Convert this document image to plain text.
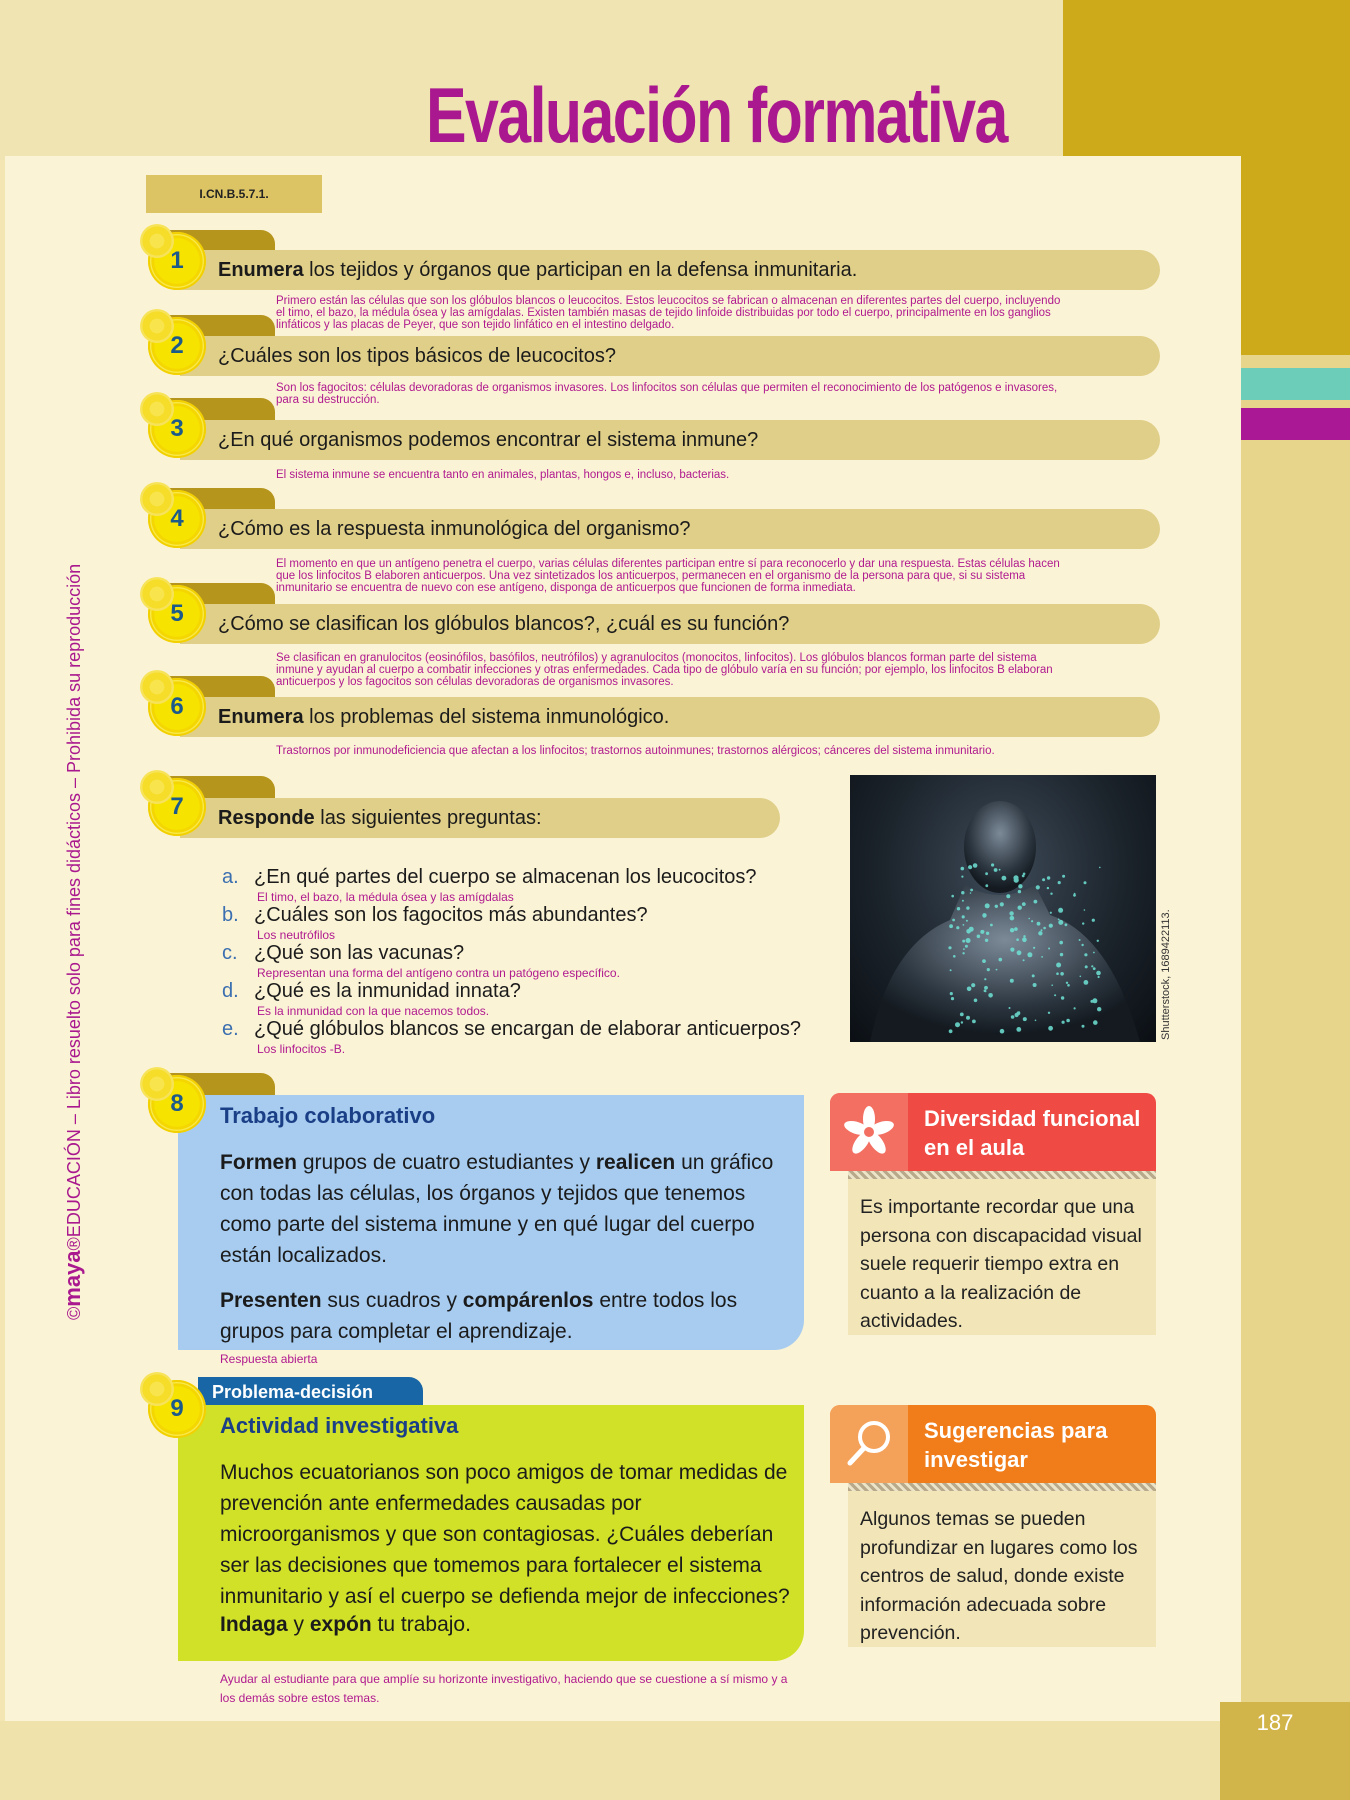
187
Evaluación formativa
I.CN.B.5.7.1.
©maya®EDUCACIÓN – Libro resuelto solo para fines didácticos – Prohibida su reproducción
1	Enumera los tejidos y órganos que participan en la defensa inmunitaria.
Primero están las células que son los glóbulos blancos o leucocitos. Estos leucocitos se fabrican o almacenan en diferentes partes del cuerpo, incluyendo el timo, el bazo, la médula ósea y las amígdalas. Existen también masas de tejido linfoide distribuidas por todo el cuerpo, principalmente en los ganglios linfáticos y las placas de Peyer, que son tejido linfático en el intestino delgado.
2	¿Cuáles son los tipos básicos de leucocitos?
Son los fagocitos: células devoradoras de organismos invasores. Los linfocitos son células que permiten el reconocimiento de los patógenos e invasores, para su destrucción.
3	¿En qué organismos podemos encontrar el sistema inmune?
El sistema inmune se encuentra tanto en animales, plantas, hongos e, incluso, bacterias.
4	¿Cómo es la respuesta inmunológica del organismo?
El momento en que un antígeno penetra el cuerpo, varias células diferentes participan entre sí para reconocerlo y dar una respuesta. Estas células hacen que los linfocitos B elaboren anticuerpos. Una vez sintetizados los anticuerpos, permanecen en el organismo de la persona para que, si su sistema inmunitario se encuentra de nuevo con ese antígeno, disponga de anticuerpos que funcionen de forma inmediata.
5	¿Cómo se clasifican los glóbulos blancos?, ¿cuál es su función?
Se clasifican en granulocitos (eosinófilos, basófilos, neutrófilos) y agranulocitos (monocitos, linfocitos). Los glóbulos blancos forman parte del sistema inmune y ayudan al cuerpo a combatir infecciones y otras enfermedades. Cada tipo de glóbulo varía en su función; por ejemplo, los linfocitos B elaboran anticuerpos y los fagocitos son células devoradoras de organismos invasores.
6	Enumera los problemas del sistema inmunológico.
Trastornos por inmunodeficiencia que afectan a los linfocitos; trastornos autoinmunes; trastornos alérgicos; cánceres del sistema inmunitario.
7	Responde las siguientes preguntas:
a. ¿En qué partes del cuerpo se almacenan los leucocitos?
El timo, el bazo, la médula ósea y las amígdalas
b. ¿Cuáles son los fagocitos más abundantes?
Los neutrófilos
c. ¿Qué son las vacunas?
Representan una forma del antígeno contra un patógeno específico.
d. ¿Qué es la inmunidad innata?
Es la inmunidad con la que nacemos todos.
e. ¿Qué glóbulos blancos se encargan de elaborar anticuerpos?
Los linfocitos -B.
Shutterstock, 1689422113.
Trabajo colaborativo
Formen grupos de cuatro estudiantes y realicen un gráfico con todas las células, los órganos y tejidos que tenemos como parte del sistema inmune y en qué lugar del cuerpo están localizados.
Presenten sus cuadros y compárenlos entre todos los grupos para completar el aprendizaje.
8
Respuesta abierta
Problema-decisión
Actividad investigativa
Muchos ecuatorianos son poco amigos de tomar medidas de prevención ante enfermedades causadas por microorganismos y que son contagiosas. ¿Cuáles deberían ser las decisiones que tomemos para fortalecer el sistema inmunitario y así el cuerpo se defienda mejor de infecciones?
Indaga y expón tu trabajo.
9
Ayudar al estudiante para que amplíe su horizonte investigativo, haciendo que se cuestione a sí mismo y a los demás sobre estos temas.
Diversidad funcional en el aula
Es importante recordar que una persona con discapacidad visual suele requerir tiempo extra en cuanto a la realización de actividades.
Sugerencias para investigar
Algunos temas se pueden profundizar en lugares como los centros de salud, donde existe información adecuada sobre prevención.
